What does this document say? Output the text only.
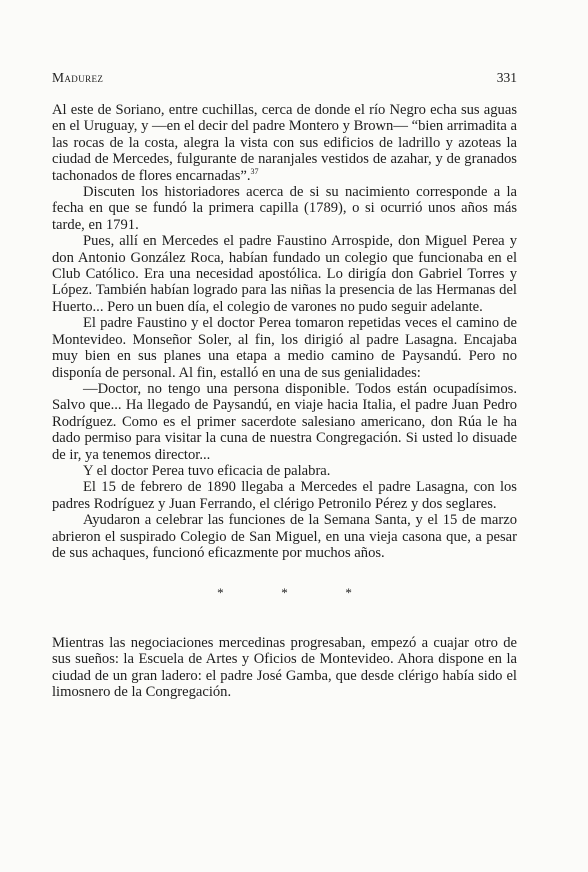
Madurez	331

Al este de Soriano, entre cuchillas, cerca de donde el río Negro echa sus aguas en el Uruguay, y —en el decir del padre Montero y Brown— “bien arrimadita a las rocas de la costa, alegra la vista con sus edificios de ladrillo y azoteas la ciudad de Mercedes, fulgurante de naranjales vestidos de azahar, y de granados tachonados de flores encarnadas”.$^{37}$

Discuten los historiadores acerca de si su nacimiento corresponde a la fecha en que se fundó la primera capilla (1789), o si ocurrió unos años más tarde, en 1791.

Pues, allí en Mercedes el padre Faustino Arrospide, don Miguel Perea y don Antonio González Roca, habían fundado un colegio que funcionaba en el Club Católico. Era una necesidad apostólica. Lo dirigía don Gabriel Torres y López. También habían logrado para las niñas la presencia de las Hermanas del Huerto... Pero un buen día, el colegio de varones no pudo seguir adelante.

El padre Faustino y el doctor Perea tomaron repetidas veces el camino de Montevideo. Monseñor Soler, al fin, los dirigió al padre Lasagna. Encajaba muy bien en sus planes una etapa a medio camino de Paysandú. Pero no disponía de personal. Al fin, estalló en una de sus genialidades:

—Doctor, no tengo una persona disponible. Todos están ocupadísimos. Salvo que... Ha llegado de Paysandú, en viaje hacia Italia, el padre Juan Pedro Rodríguez. Como es el primer sacerdote salesiano americano, don Rúa le ha dado permiso para visitar la cuna de nuestra Congregación. Si usted lo disuade de ir, ya tenemos director...

Y el doctor Perea tuvo eficacia de palabra.

El 15 de febrero de 1890 llegaba a Mercedes el padre Lasagna, con los padres Rodríguez y Juan Ferrando, el clérigo Petronilo Pérez y dos seglares.

Ayudaron a celebrar las funciones de la Semana Santa, y el 15 de marzo abrieron el suspirado Colegio de San Miguel, en una vieja casona que, a pesar de sus achaques, funcionó eficazmente por muchos años.

*	*	*

Mientras las negociaciones mercedinas progresaban, empezó a cuajar otro de sus sueños: la Escuela de Artes y Oficios de Montevideo. Ahora dispone en la ciudad de un gran ladero: el padre José Gamba, que desde clérigo había sido el limosnero de la Congregación.
